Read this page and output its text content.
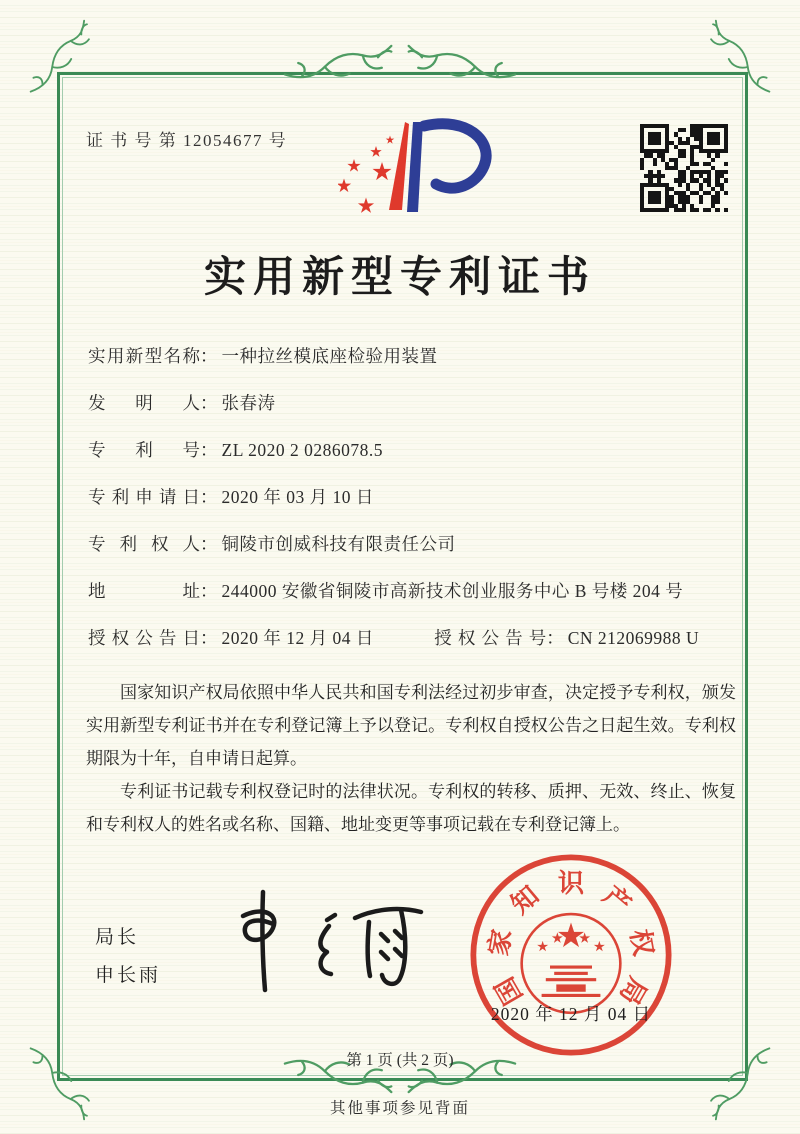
证 书 号 第 12054677 号
实用新型专利证书
实用新型名称： 一种拉丝模底座检验用装置
发明人： 张春涛
专利号： ZL 2020 2 0286078.5
专利申请日： 2020 年 03 月 10 日
专利权人： 铜陵市创威科技有限责任公司
地址： 244000 安徽省铜陵市高新技术创业服务中心 B 号楼 204 号
授权公告日： 2020 年 12 月 04 日	授权公告号： CN 212069988 U

国家知识产权局依照中华人民共和国专利法经过初步审查，决定授予专利权，颁发实用新型专利证书并在专利登记簿上予以登记。专利权自授权公告之日起生效。专利权期限为十年，自申请日起算。

专利证书记载专利权登记时的法律状况。专利权的转移、质押、无效、终止、恢复和专利权人的姓名或名称、国籍、地址变更等事项记载在专利登记簿上。

局长
申长雨	国
家
知 识 产
权
局
2020 年 12 月 04 日
第 1 页 (共 2 页)
其他事项参见背面
